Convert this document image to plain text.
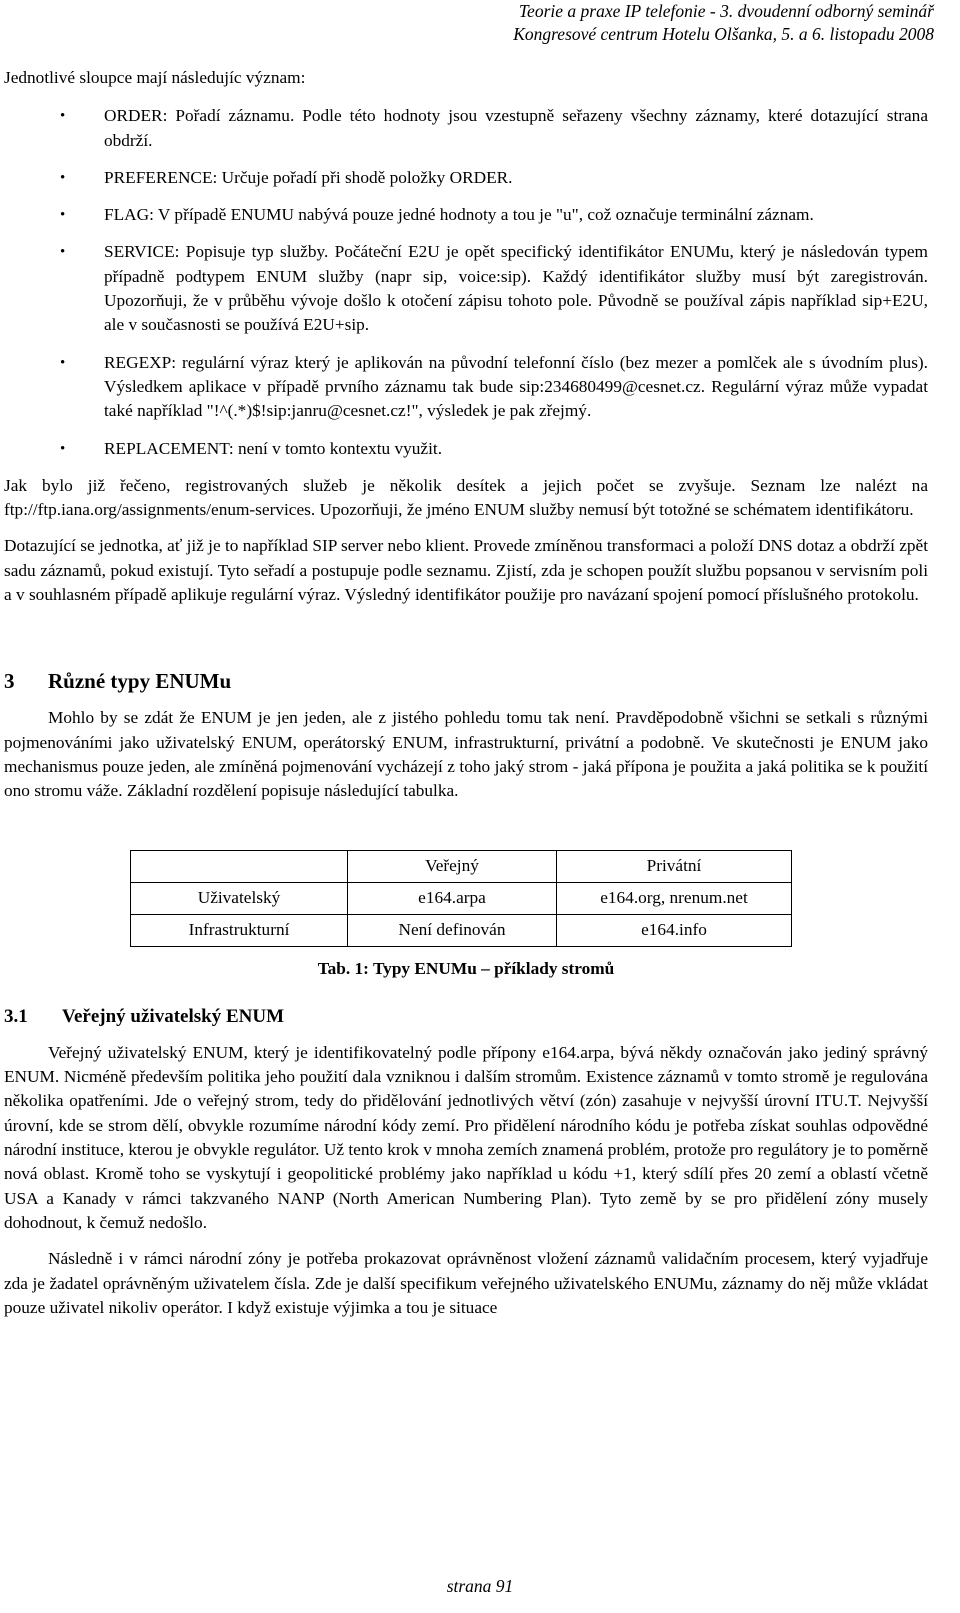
Teorie a praxe IP telefonie - 3. dvoudenní odborný seminář
Kongresové centrum Hotelu Olšanka, 5. a 6. listopadu 2008

Jednotlivé sloupce mají následujíc význam:

• ORDER: Pořadí záznamu. Podle této hodnoty jsou vzestupně seřazeny všechny záznamy, které dotazující strana obdrží.
• PREFERENCE: Určuje pořadí při shodě položky ORDER.
• FLAG: V případě ENUMU nabývá pouze jedné hodnoty a tou je "u", což označuje terminální záznam.
• SERVICE: Popisuje typ služby. Počáteční E2U je opět specifický identifikátor ENUMu, který je následován typem případně podtypem ENUM služby (napr sip, voice:sip). Každý identifikátor služby musí být zaregistrován. Upozorňuji, že v průběhu vývoje došlo k otočení zápisu tohoto pole. Původně se používal zápis například sip+E2U, ale v současnosti se používá E2U+sip.
• REGEXP: regulární výraz který je aplikován na původní telefonní číslo (bez mezer a pomlček ale s úvodním plus). Výsledkem aplikace v případě prvního záznamu tak bude sip:234680499@cesnet.cz. Regulární výraz může vypadat také například "!^(.*)$!sip:janru@cesnet.cz!", výsledek je pak zřejmý.
• REPLACEMENT: není v tomto kontextu využit.

Jak bylo již řečeno, registrovaných služeb je několik desítek a jejich počet se zvyšuje. Seznam lze nalézt na ftp://ftp.iana.org/assignments/enum-services. Upozorňuji, že jméno ENUM služby nemusí být totožné se schématem identifikátoru.

Dotazující se jednotka, ať již je to například SIP server nebo klient. Provede zmíněnou transformaci a položí DNS dotaz a obdrží zpět sadu záznamů, pokud existují. Tyto seřadí a postupuje podle seznamu. Zjistí, zda je schopen použít službu popsanou v servisním poli a v souhlasném případě aplikuje regulární výraz. Výsledný identifikátor použije pro navázaní spojení pomocí příslušného protokolu.

3 Různé typy ENUMu

Mohlo by se zdát že ENUM je jen jeden, ale z jistého pohledu tomu tak není. Pravděpodobně všichni se setkali s různými pojmenováními jako uživatelský ENUM, operátorský ENUM, infrastrukturní, privátní a podobně. Ve skutečnosti je ENUM jako mechanismus pouze jeden, ale zmíněná pojmenování vycházejí z toho jaký strom - jaká přípona je použita a jaká politika se k použití ono stromu váže. Základní rozdělení popisuje následující tabulka.

	Veřejný	Privátní
Uživatelský	e164.arpa	e164.org, nrenum.net
Infrastrukturní	Není definován	e164.info
Tab. 1: Typy ENUMu – příklady stromů
3.1 Veřejný uživatelský ENUM

Veřejný uživatelský ENUM, který je identifikovatelný podle přípony e164.arpa, bývá někdy označován jako jediný správný ENUM. Nicméně především politika jeho použití dala vzniknou i dalším stromům. Existence záznamů v tomto stromě je regulována několika opatřeními. Jde o veřejný strom, tedy do přidělování jednotlivých větví (zón) zasahuje v nejvyšší úrovní ITU.T. Nejvyšší úrovní, kde se strom dělí, obvykle rozumíme národní kódy zemí. Pro přidělení národního kódu je potřeba získat souhlas odpovědné národní instituce, kterou je obvykle regulátor. Už tento krok v mnoha zemích znamená problém, protože pro regulátory je to poměrně nová oblast. Kromě toho se vyskytují i geopolitické problémy jako například u kódu +1, který sdílí přes 20 zemí a oblastí včetně USA a Kanady v rámci takzvaného NANP (North American Numbering Plan). Tyto země by se pro přidělení zóny musely dohodnout, k čemuž nedošlo.

Následně i v rámci národní zóny je potřeba prokazovat oprávněnost vložení záznamů validačním procesem, který vyjadřuje zda je žadatel oprávněným uživatelem čísla. Zde je další specifikum veřejného uživatelského ENUMu, záznamy do něj může vkládat pouze uživatel nikoliv operátor. I když existuje výjimka a tou je situace

strana 91
